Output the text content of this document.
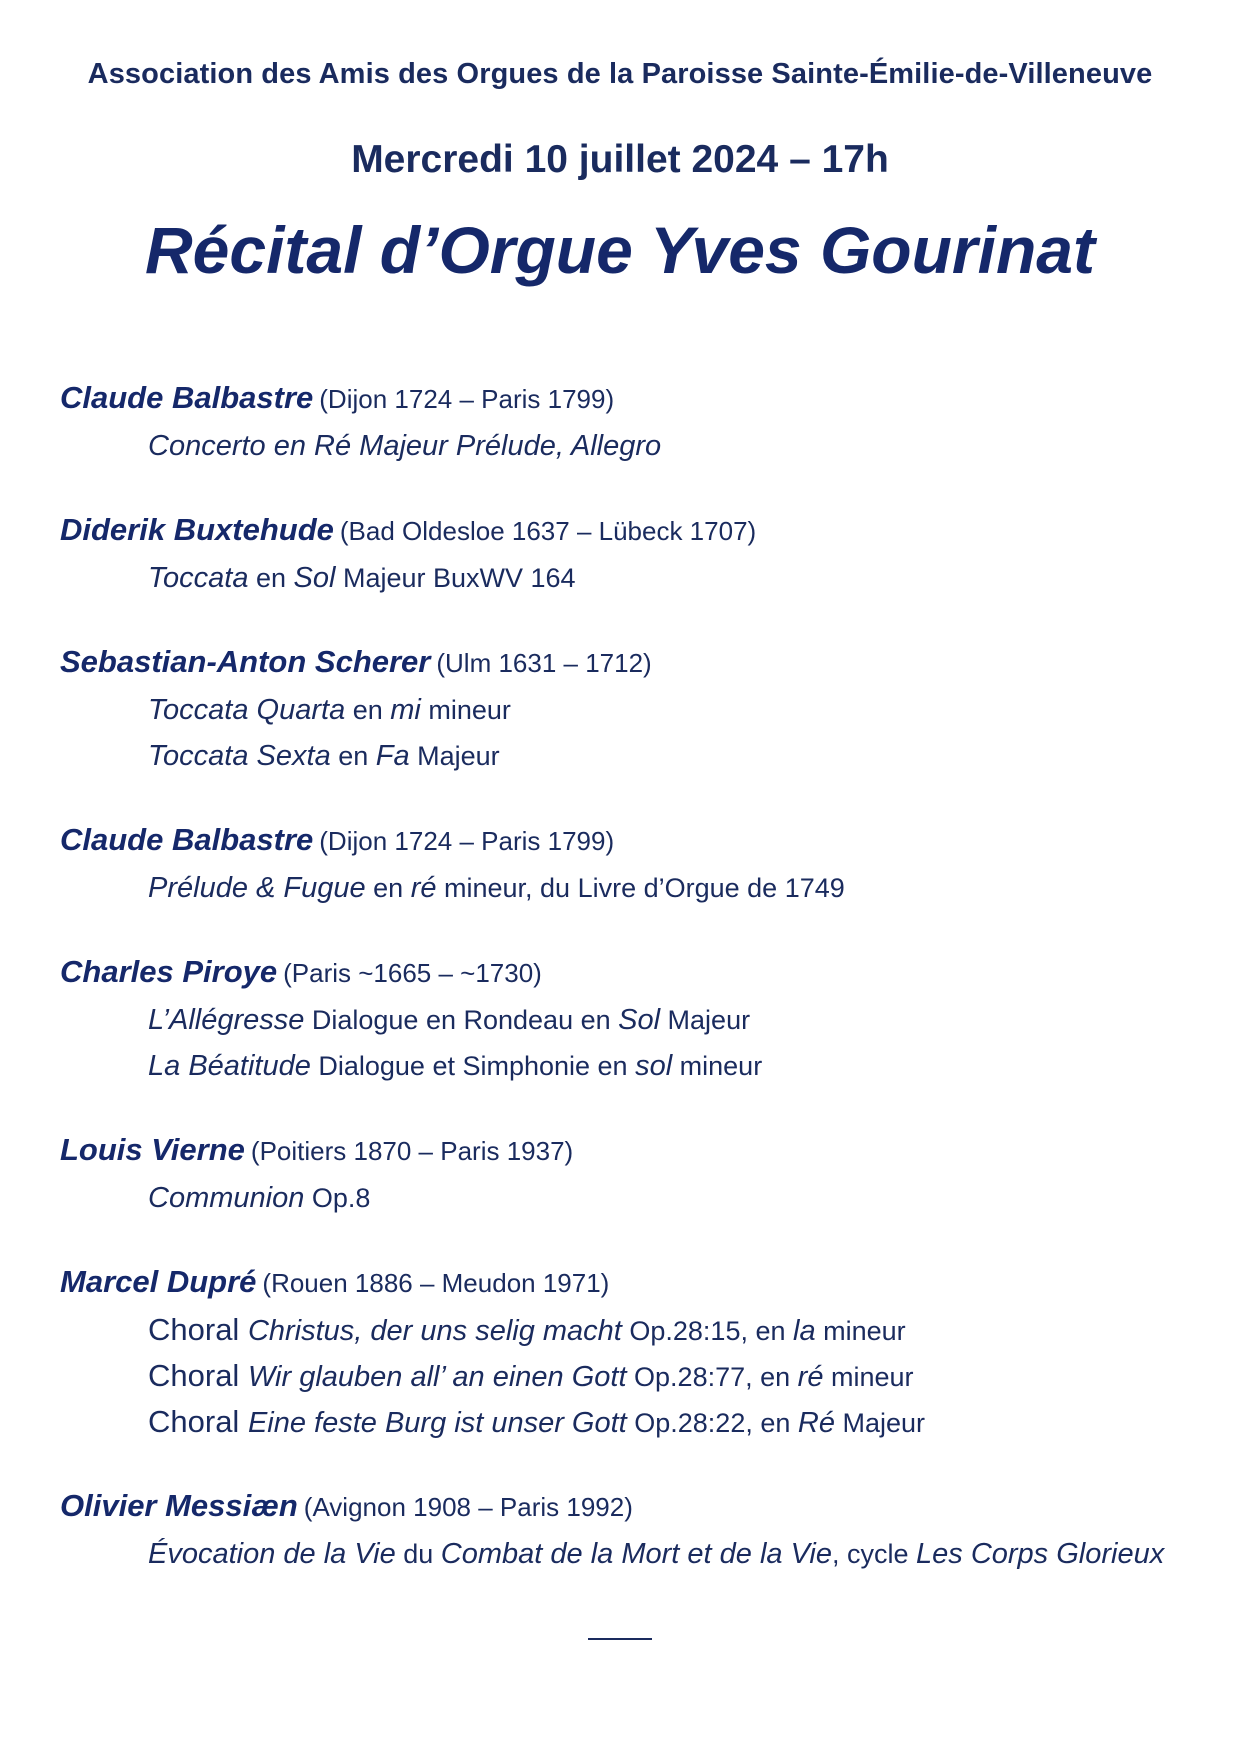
Association des Amis des Orgues de la Paroisse Sainte-Émilie-de-Villeneuve
Mercredi 10 juillet 2024 – 17h
Récital d’Orgue Yves Gourinat
Claude Balbastre (Dijon 1724 – Paris 1799)
Concerto en Ré Majeur Prélude, Allegro
Diderik Buxtehude (Bad Oldesloe 1637 – Lübeck 1707)
Toccata en Sol Majeur BuxWV 164
Sebastian-Anton Scherer (Ulm 1631 – 1712)
Toccata Quarta en mi mineur
Toccata Sexta en Fa Majeur
Claude Balbastre (Dijon 1724 – Paris 1799)
Prélude & Fugue en ré mineur, du Livre d’Orgue de 1749
Charles Piroye (Paris ~1665 – ~1730)
L’Allégresse Dialogue en Rondeau en Sol Majeur
La Béatitude Dialogue et Simphonie en sol mineur
Louis Vierne (Poitiers 1870 – Paris 1937)
Communion Op.8
Marcel Dupré (Rouen 1886 – Meudon 1971)
Choral Christus, der uns selig macht Op.28:15, en la mineur
Choral Wir glauben all’ an einen Gott Op.28:77, en ré mineur
Choral Eine feste Burg ist unser Gott Op.28:22, en Ré Majeur
Olivier Messiæn (Avignon 1908 – Paris 1992)
Évocation de la Vie du Combat de la Mort et de la Vie, cycle Les Corps Glorieux
